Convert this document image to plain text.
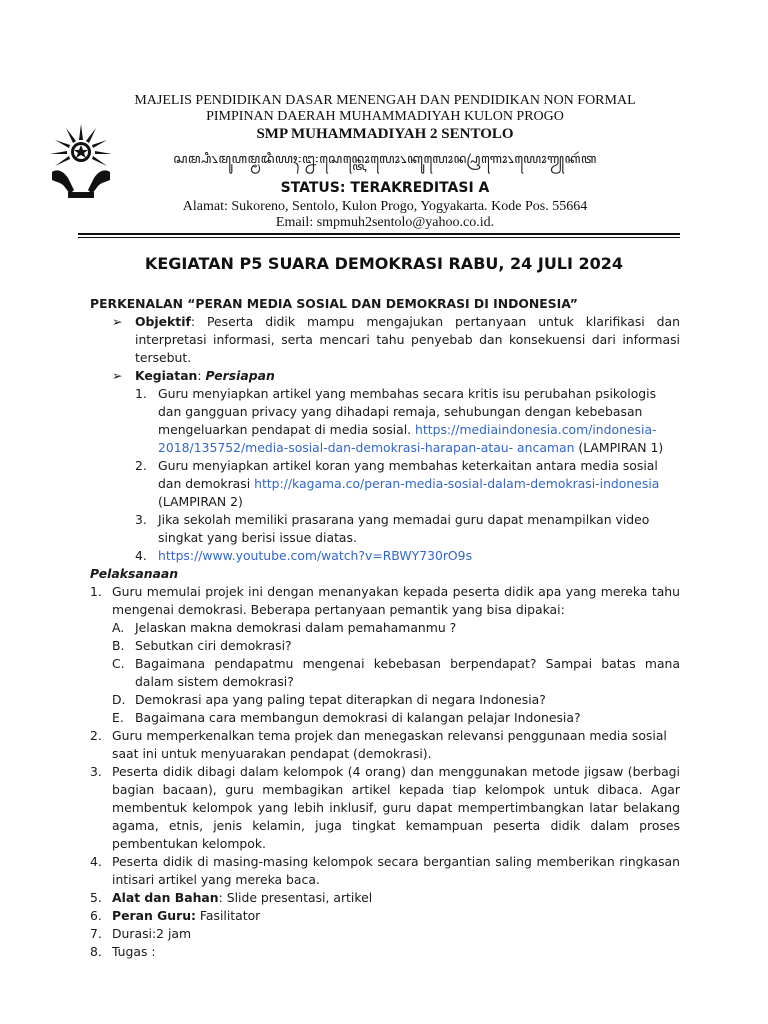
MAJELIS PENDIDIKAN DASAR MENENGAH DAN PENDIDIKAN NON FORMAL
PIMPINAN DAERAH MUHAMMADIYAH KULON PROGO
SMP MUHAMMADIYAH 2 SENTOLO
ꦱꦩ꧀ꦥꦶ꧈ꦩꦸꦲꦩ꧀ꦩꦢꦶꦪꦃ꧇꧒꧇ꦱꦺꦤ꧀ꦠꦺꦴꦭꦺꦴ꧈ꦏꦸꦭꦺꦴꦤ꧀ꦥꦿꦒꦺꦴ꧈ꦪꦺꦴꦒꦾꦏꦂꦠ
STATUS: TERAKREDITASI A
Alamat: Sukoreno, Sentolo, Kulon Progo, Yogyakarta. Kode Pos. 55664
Email: smpmuh2sentolo@yahoo.co.id.
KEGIATAN P5 SUARA DEMOKRASI RABU, 24 JULI 2024

PERKENALAN “PERAN MEDIA SOSIAL DAN DEMOKRASI DI INDONESIA”

➢ Objektif: Peserta didik mampu mengajukan pertanyaan untuk klarifikasi dan interpretasi informasi, serta mencari tahu penyebab dan konsekuensi dari informasi tersebut.
➢ Kegiatan: Persiapan
1. Guru menyiapkan artikel yang membahas secara kritis isu perubahan psikologis dan gangguan privacy yang dihadapi remaja, sehubungan dengan kebebasan mengeluarkan pendapat di media sosial. https://mediaindonesia.com/indonesia-2018/135752/media-sosial-dan-demokrasi-harapan-atau- ancaman (LAMPIRAN 1)
2. Guru menyiapkan artikel koran yang membahas keterkaitan antara media sosial dan demokrasi http://kagama.co/peran-media-sosial-dalam-demokrasi-indonesia
(LAMPIRAN 2)
3. Jika sekolah memiliki prasarana yang memadai guru dapat menampilkan video singkat yang berisi issue diatas.
4. https://www.youtube.com/watch?v=RBWY730rO9s

Pelaksanaan

1. Guru memulai projek ini dengan menanyakan kepada peserta didik apa yang mereka tahu mengenai demokrasi. Beberapa pertanyaan pemantik yang bisa dipakai:
A. Jelaskan makna demokrasi dalam pemahamanmu ?
B. Sebutkan ciri demokrasi?
C. Bagaimana pendapatmu mengenai kebebasan berpendapat? Sampai batas mana dalam sistem demokrasi?
D. Demokrasi apa yang paling tepat diterapkan di negara Indonesia?
E. Bagaimana cara membangun demokrasi di kalangan pelajar Indonesia?
2. Guru memperkenalkan tema projek dan menegaskan relevansi penggunaan media sosial saat ini untuk menyuarakan pendapat (demokrasi).
3. Peserta didik dibagi dalam kelompok (4 orang) dan menggunakan metode jigsaw (berbagi bagian bacaan), guru membagikan artikel kepada tiap kelompok untuk dibaca. Agar membentuk kelompok yang lebih inklusif, guru dapat mempertimbangkan latar belakang agama, etnis, jenis kelamin, juga tingkat kemampuan peserta didik dalam proses pembentukan kelompok.
4. Peserta didik di masing-masing kelompok secara bergantian saling memberikan ringkasan intisari artikel yang mereka baca.
5. Alat dan Bahan: Slide presentasi, artikel
6. Peran Guru: Fasilitator
7. Durasi:2 jam
8. Tugas :
